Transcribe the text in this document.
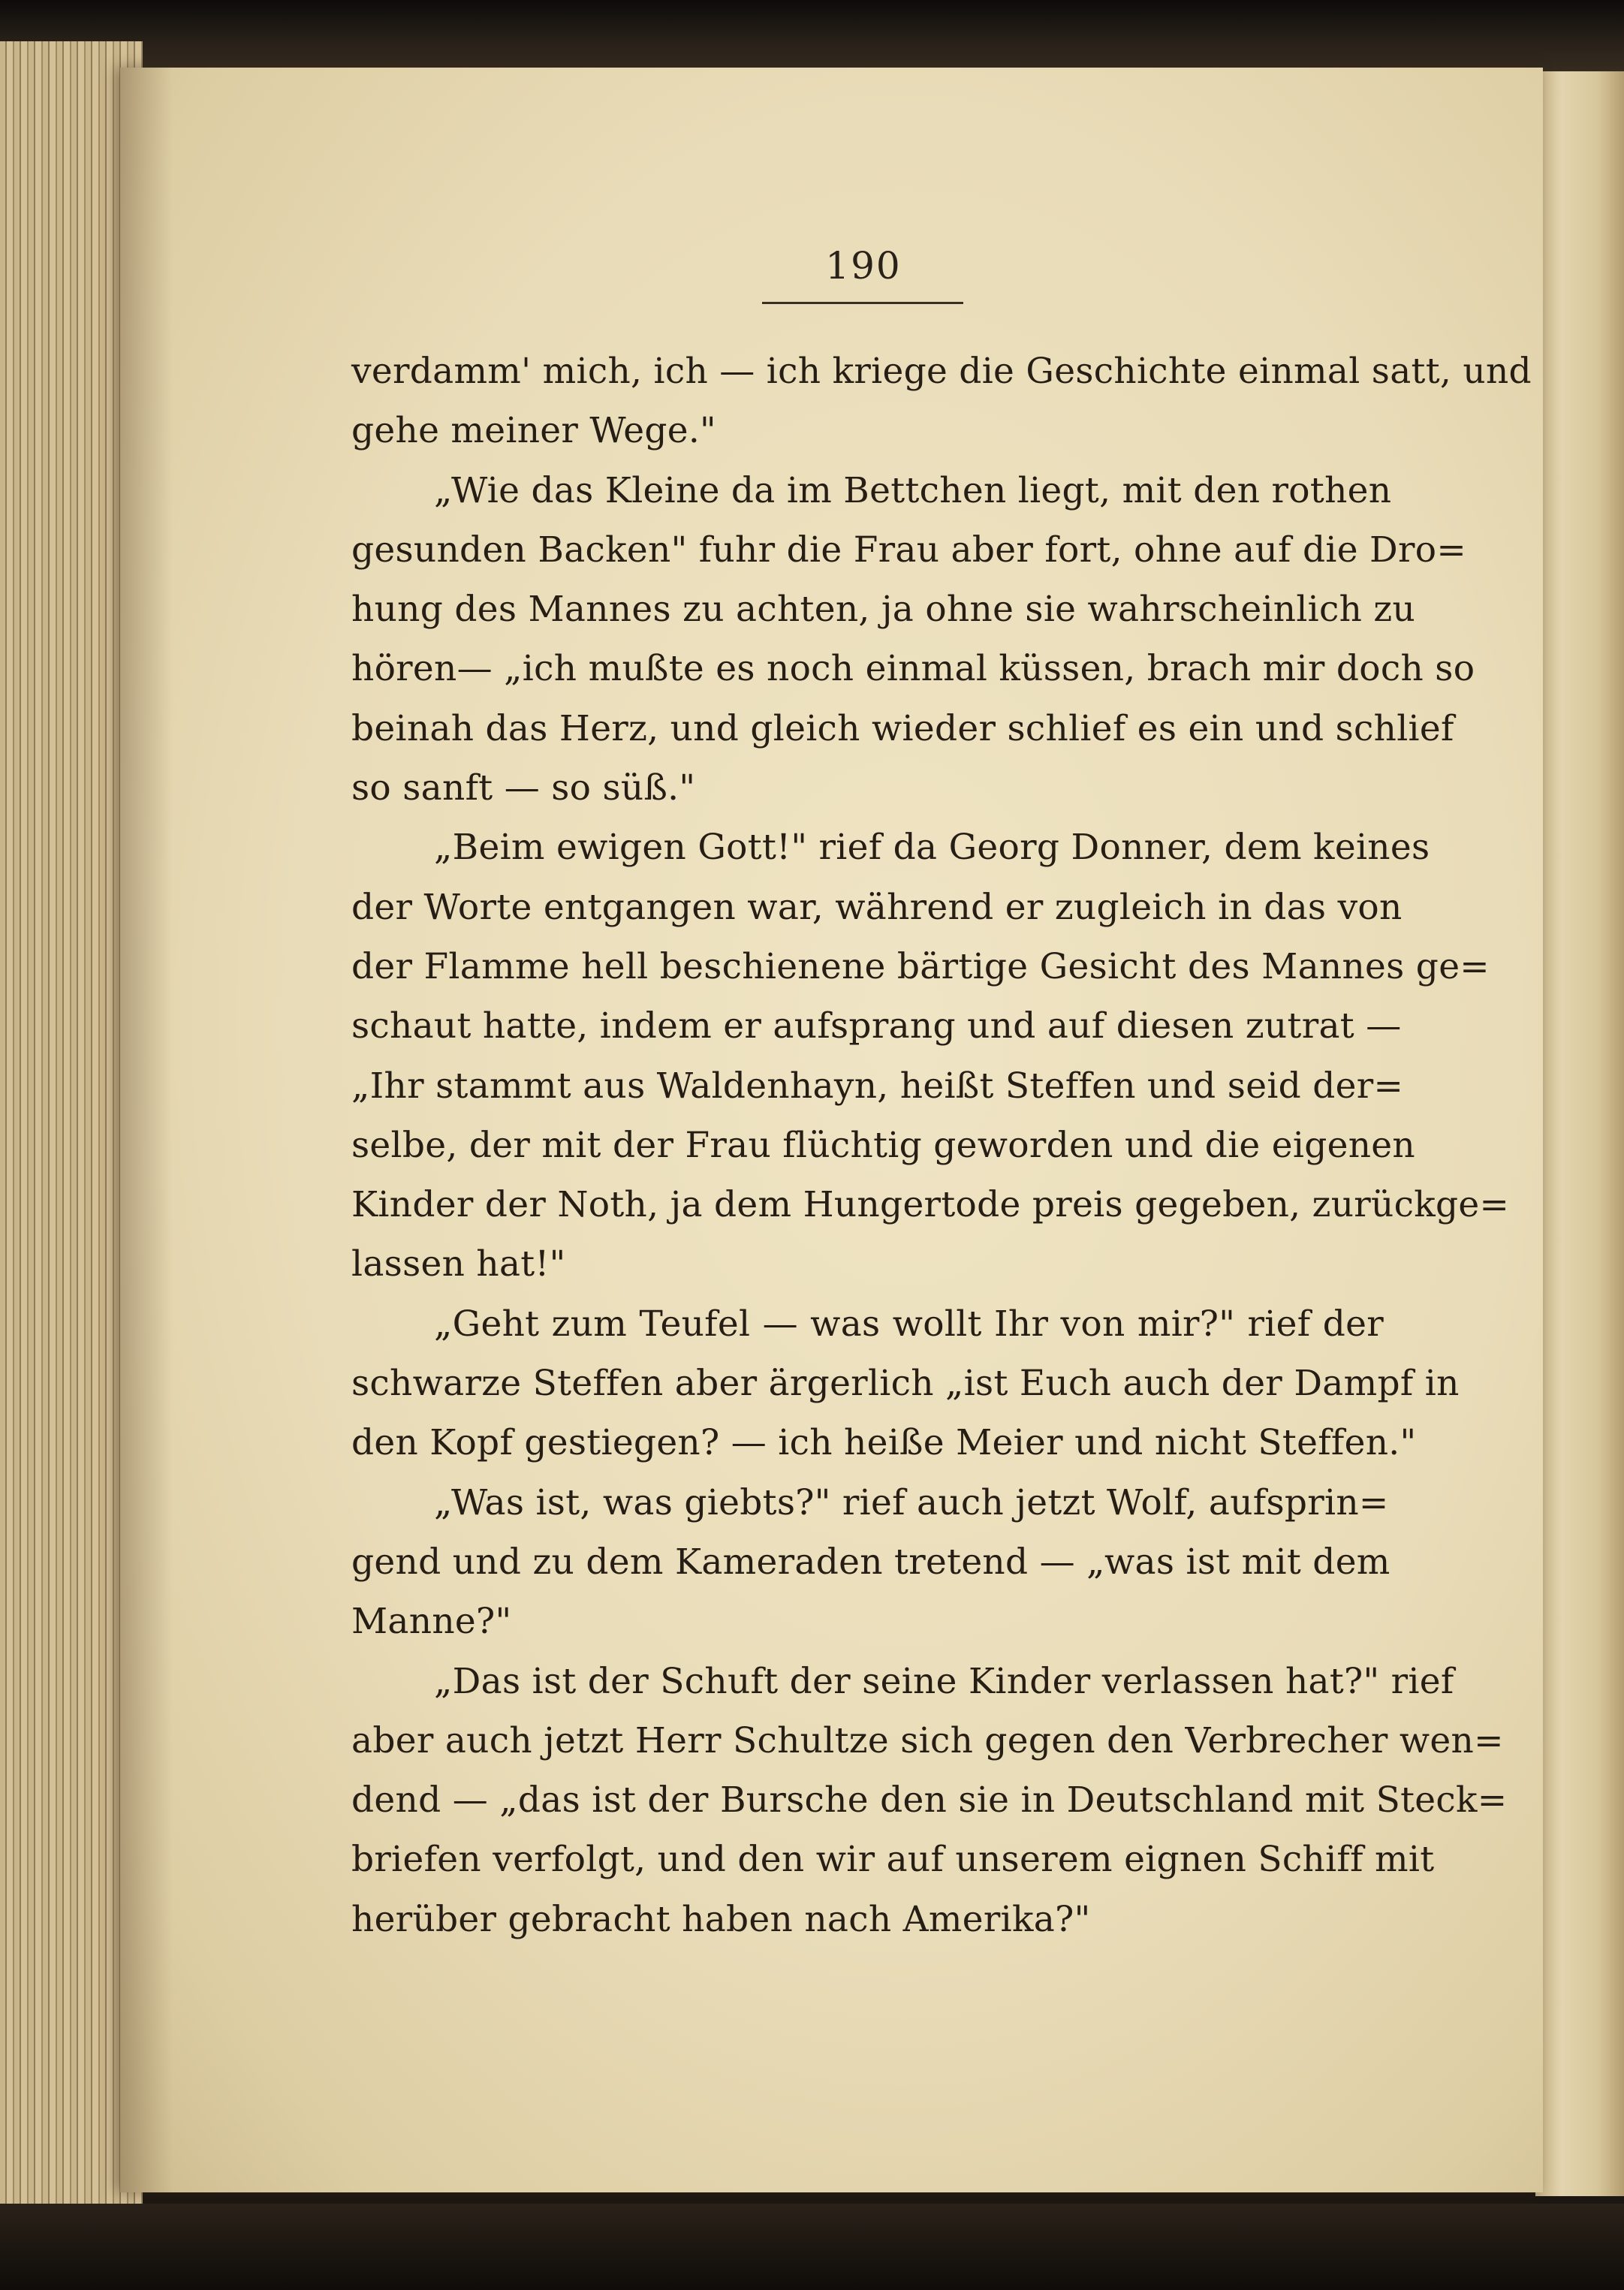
190
verdamm' mich, ich — ich kriege die Geschichte einmal satt, und
gehe meiner Wege."
„Wie das Kleine da im Bettchen liegt, mit den rothen
gesunden Backen" fuhr die Frau aber fort, ohne auf die Dro=
hung des Mannes zu achten, ja ohne sie wahrscheinlich zu
hören— „ich mußte es noch einmal küssen, brach mir doch so
beinah das Herz, und gleich wieder schlief es ein und schlief
so sanft — so süß."
„Beim ewigen Gott!" rief da Georg Donner, dem keines
der Worte entgangen war, während er zugleich in das von
der Flamme hell beschienene bärtige Gesicht des Mannes ge=
schaut hatte, indem er aufsprang und auf diesen zutrat —
„Ihr stammt aus Waldenhayn, heißt Steffen und seid der=
selbe, der mit der Frau flüchtig geworden und die eigenen
Kinder der Noth, ja dem Hungertode preis gegeben, zurückge=
lassen hat!"
„Geht zum Teufel — was wollt Ihr von mir?" rief der
schwarze Steffen aber ärgerlich „ist Euch auch der Dampf in
den Kopf gestiegen? — ich heiße Meier und nicht Steffen."
„Was ist, was giebts?" rief auch jetzt Wolf, aufsprin=
gend und zu dem Kameraden tretend — „was ist mit dem
Manne?"
„Das ist der Schuft der seine Kinder verlassen hat?" rief
aber auch jetzt Herr Schultze sich gegen den Verbrecher wen=
dend — „das ist der Bursche den sie in Deutschland mit Steck=
briefen verfolgt, und den wir auf unserem eignen Schiff mit
herüber gebracht haben nach Amerika?"
